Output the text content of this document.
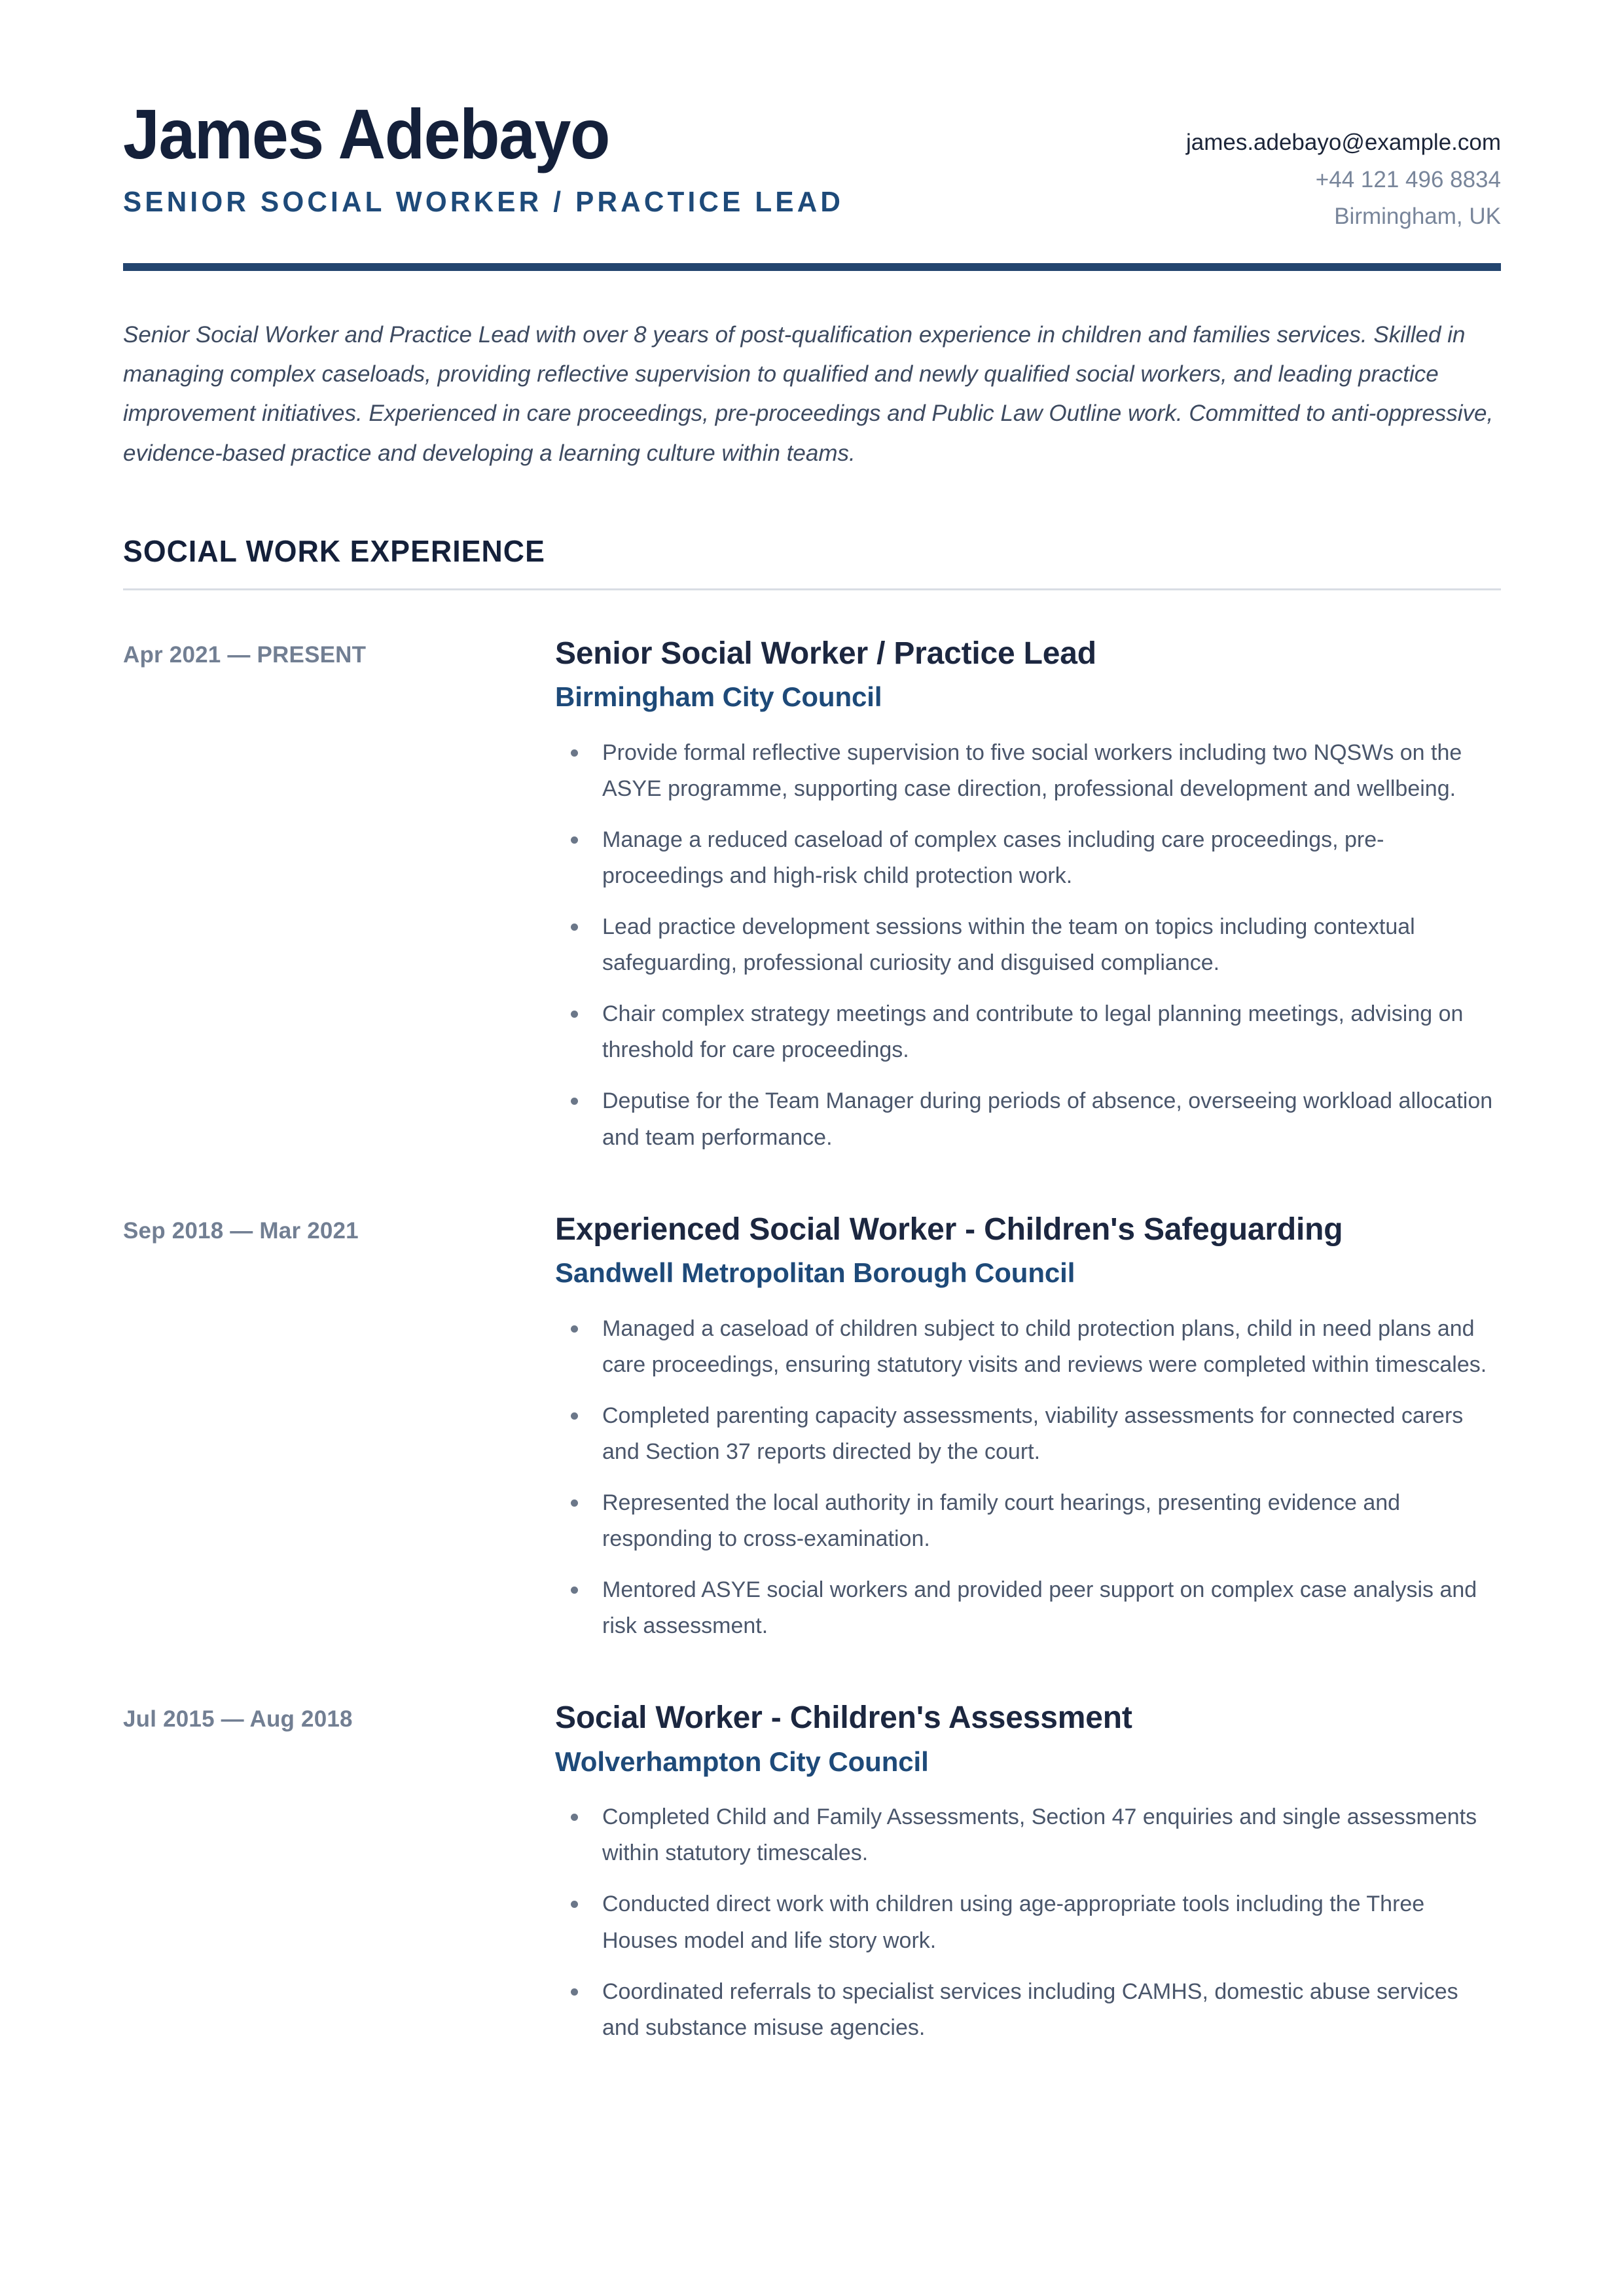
James Adebayo
SENIOR SOCIAL WORKER / PRACTICE LEAD
james.adebayo@example.com
+44 121 496 8834
Birmingham, UK

Senior Social Worker and Practice Lead with over 8 years of post-qualification experience in children and families services. Skilled in managing complex caseloads, providing reflective supervision to qualified and newly qualified social workers, and leading practice improvement initiatives. Experienced in care proceedings, pre-proceedings and Public Law Outline work. Committed to anti-oppressive, evidence-based practice and developing a learning culture within teams.

SOCIAL WORK EXPERIENCE
Apr 2021 — PRESENT	Senior Social Worker / Practice Lead
Birmingham City Council
Provide formal reflective supervision to five social workers including two NQSWs on the ASYE programme, supporting case direction, professional development and wellbeing.
Manage a reduced caseload of complex cases including care proceedings, pre-proceedings and high-risk child protection work.
Lead practice development sessions within the team on topics including contextual safeguarding, professional curiosity and disguised compliance.
Chair complex strategy meetings and contribute to legal planning meetings, advising on threshold for care proceedings.
Deputise for the Team Manager during periods of absence, overseeing workload allocation and team performance.
Sep 2018 — Mar 2021	Experienced Social Worker - Children's Safeguarding
Sandwell Metropolitan Borough Council
Managed a caseload of children subject to child protection plans, child in need plans and care proceedings, ensuring statutory visits and reviews were completed within timescales.
Completed parenting capacity assessments, viability assessments for connected carers and Section 37 reports directed by the court.
Represented the local authority in family court hearings, presenting evidence and responding to cross-examination.
Mentored ASYE social workers and provided peer support on complex case analysis and risk assessment.
Jul 2015 — Aug 2018	Social Worker - Children's Assessment
Wolverhampton City Council
Completed Child and Family Assessments, Section 47 enquiries and single assessments within statutory timescales.
Conducted direct work with children using age-appropriate tools including the Three Houses model and life story work.
Coordinated referrals to specialist services including CAMHS, domestic abuse services and substance misuse agencies.
